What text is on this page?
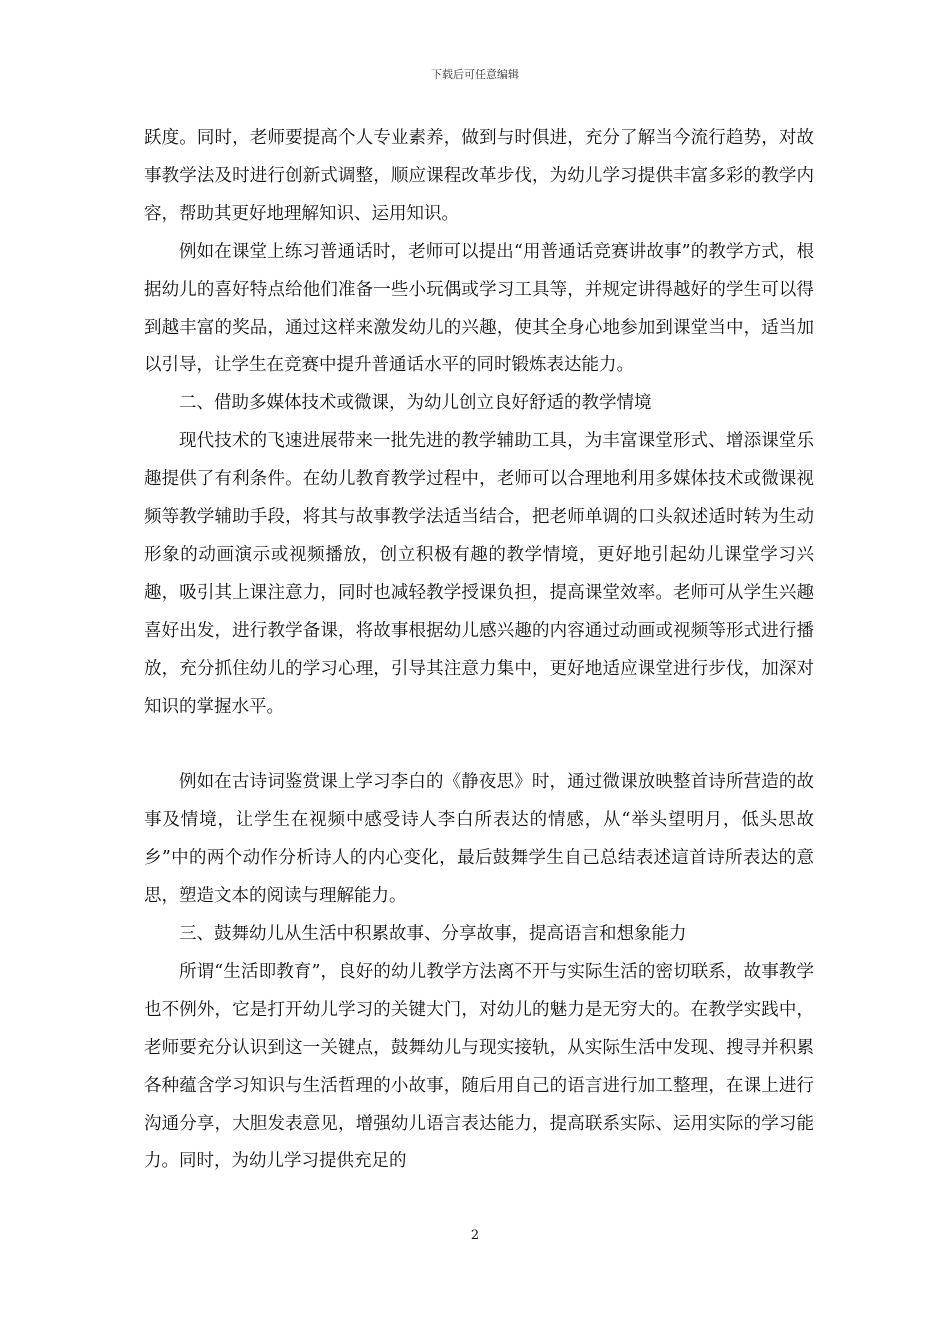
下载后可任意编辑

跃度。同时，老师要提高个人专业素养，做到与时俱进，充分了解当今流行趋势，对故事教学法及时进行创新式调整，顺应课程改革步伐，为幼儿学习提供丰富多彩的教学内容，帮助其更好地理解知识、运用知识。

例如在课堂上练习普通话时，老师可以提出“用普通话竞赛讲故事”的教学方式，根据幼儿的喜好特点给他们准备一些小玩偶或学习工具等，并规定讲得越好的学生可以得到越丰富的奖品，通过这样来激发幼儿的兴趣，使其全身心地参加到课堂当中，适当加以引导，让学生在竞赛中提升普通话水平的同时锻炼表达能力。

二、借助多媒体技术或微课，为幼儿创立良好舒适的教学情境

现代技术的飞速进展带来一批先进的教学辅助工具，为丰富课堂形式、增添课堂乐趣提供了有利条件。在幼儿教育教学过程中，老师可以合理地利用多媒体技术或微课视频等教学辅助手段，将其与故事教学法适当结合，把老师单调的口头叙述适时转为生动形象的动画演示或视频播放，创立积极有趣的教学情境，更好地引起幼儿课堂学习兴趣，吸引其上课注意力，同时也减轻教学授课负担，提高课堂效率。老师可从学生兴趣喜好出发，进行教学备课，将故事根据幼儿感兴趣的内容通过动画或视频等形式进行播放，充分抓住幼儿的学习心理，引导其注意力集中，更好地适应课堂进行步伐，加深对知识的掌握水平。

例如在古诗词鉴赏课上学习李白的《静夜思》时，通过微课放映整首诗所营造的故事及情境，让学生在视频中感受诗人李白所表达的情感，从“举头望明月，低头思故乡”中的两个动作分析诗人的内心变化，最后鼓舞学生自己总结表述這首诗所表达的意思，塑造文本的阅读与理解能力。

三、鼓舞幼儿从生活中积累故事、分享故事，提高语言和想象能力

所谓“生活即教育”，良好的幼儿教学方法离不开与实际生活的密切联系，故事教学也不例外，它是打开幼儿学习的关键大门，对幼儿的魅力是无穷大的。在教学实践中，老师要充分认识到这一关键点，鼓舞幼儿与现实接轨，从实际生活中发现、搜寻并积累各种蕴含学习知识与生活哲理的小故事，随后用自己的语言进行加工整理，在课上进行沟通分享，大胆发表意见，增强幼儿语言表达能力，提高联系实际、运用实际的学习能力。同时，为幼儿学习提供充足的

2
